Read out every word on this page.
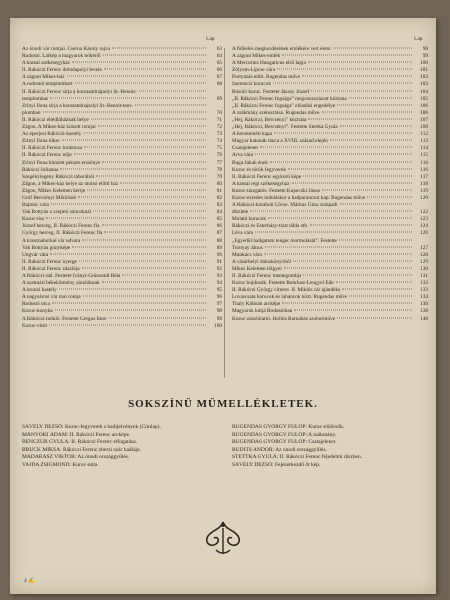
Lap	Lap
Az ónodi vár romjai. Cserna Károly rajza	63
Rodostó. Látkép a magyarok telkéről	64
A kassai székesegyház	65
II. Rákóczi Ferenc dréndapolyi levele	66
A zágoni Mikes-ház	67
A rodostói templomkert	68
II. Rákóczi Ferenc sírja a konstantinápolyi St.-Benoit-
templomban	69
Zrínyi Ilona sírja a konstantinápolyi St.-Benoit-tem-
plomban	70
II. Rákóczi ebédlőháznak helye	71
Zágon. A Mikes-ház kiásott romjai	72
Az eperjesi Rákóczi-kastély	73
Zrínyi Ilona tükre	74
II. Rákóczi Ferenc lorántosa	75
II. Rákóczi Ferenc nője	76
Zrínyi Ilona hímzett pénzes erszénye	77
Rákóczi Julianna	78
Szegénylegény Rákóczi táborából	79
Zágon, a Mikes-ház helye az utolsó előtti ház	80
Zágon, Mikes Kelemen kertje	81
Gróf Bercsényi Miklósné	82
Bajmóc vára	83
Vak Bottyán a szepesi sáncoknál	84
Kuruc-tisz	85
József herceg, II. Rákóczi Ferenc fia	86
György herceg, II. Rákóczi Ferenc fia	87
A krasznahorkai vár udvara	88
Vak Bottyán gúnyképe	89
Ungvár vára	90
II. Rákóczi Ferenc nyerge	91
II. Rákóczi Ferenc zászlója	92
A Rákóczi-dal. Festette Iványi-Grünwald Béla	93
A szatmári békekötmény zászlóknak	94
A bronzi kastély	95
A nagysárosi vár mai romja	96
Rodostó utca	97
Kuruc-konyha	98
A Rákóczi-induló. Festette Gregus Imre	99
Kuruc-vitéz	100
A fölkelés megkezdésének emlékére vert érem	98
A zágoni Mikes-emlék	99
A Mercurius Hungaricus első lapja	100
Zólyom-Lipcse vára	101
Portyázás előtt. Rugendas műve	102
Szerencsi kurucok	103
Búsuló kuruc. Festette Jászay József	104
„II. Rákóczi Ferenc fogsága” megcenzurázott kézirata	105
„II. Rákóczi Ferenc fogsága” előadási engedélye	106
A zsákmány szétosztása. Rugendas műve	106
„Hej, Rákóczi, Bercsényi” kézirata	107
„Hej, Rákóczi, Bercsényi”. Festette Stettka Gyula	108
A kecskeméti kapa	112
Magyar katonák tánca a XVIII. század elején	113
Csatajelenet	114
Árva vára	115
Buga Jakab ének	116
Kuruc és török fegyverek	116
II. Rákóczi Ferenc egykorú képe	117
A kassai régi székesegyház	118
Kuruc-tárogatós. Festette Kupeczki János	119
Kuruc-ezredes induláskor a hadparancsot kap. Rugendas műve	120
A Rákóczi-koraboli Lőcse. Márkus Géza színpadi
díszlete	122
Mulató kurucok	123
Rákóczi és Esterházy-tiszt tábla stb.	124
Léva vára	126
„Egyedül hallgatom tenger mormolását”. Festette
Tornyay János	127
Munkács vára	128
A vásárhelyi daloskönyvből	129
Mikes Kelemen tőlgyei	130
II. Rákóczi Ferenc mentegombja	131
Kuruc bujdosók. Festette Reinfuss-Lengyel Ede	132
II. Rákóczi György címere. II. Miklós cár ajándéka	133
Lovascsata kurucok és labancok közt. Rugendas műve	134
Thaly Kálmán arcképe	136
Magyarok kútja Rodostóban	138
Kuruc-zászlótartó. Hollós Barnabás szobormüve	140
SOKSZÍNÜ MÜMELLÉKLETEK.
SÁVELY DEZSŐ: Kuruc-fegyverek s hadijelvények (Címlap).
MÁNYOKI ÁDÁM: II. Rákóczi Ferenc arcképe.
BENCZUR GYULA: II. Rákóczi Ferenc elfogatása.
BRUCK MIKSA: Rákóczi Ferenc zberzi szár hadlája.
MADARÁSZ VIKTOR: Az ónodi országgyűlés.
VAJDA ZSIGMOND: Kuruc-nóta.
RUGENDAS GYÖRGY FÜLÖP: Kuruc-előőrsök.
RUGENDAS GYÖRGY FÜLÖP: A zsákmány.
RUGENDAS GYÖRGY FÜLÖP: Csatajelenet.
RUDITS ANDOR: Az ónodi országgyűlés.
STETTKA GYULA: II. Rákóczi Ferenc fejedelmi díszben.
SÁVELY DEZSŐ: Fejezetkezdő öt kép.
4 ✍
